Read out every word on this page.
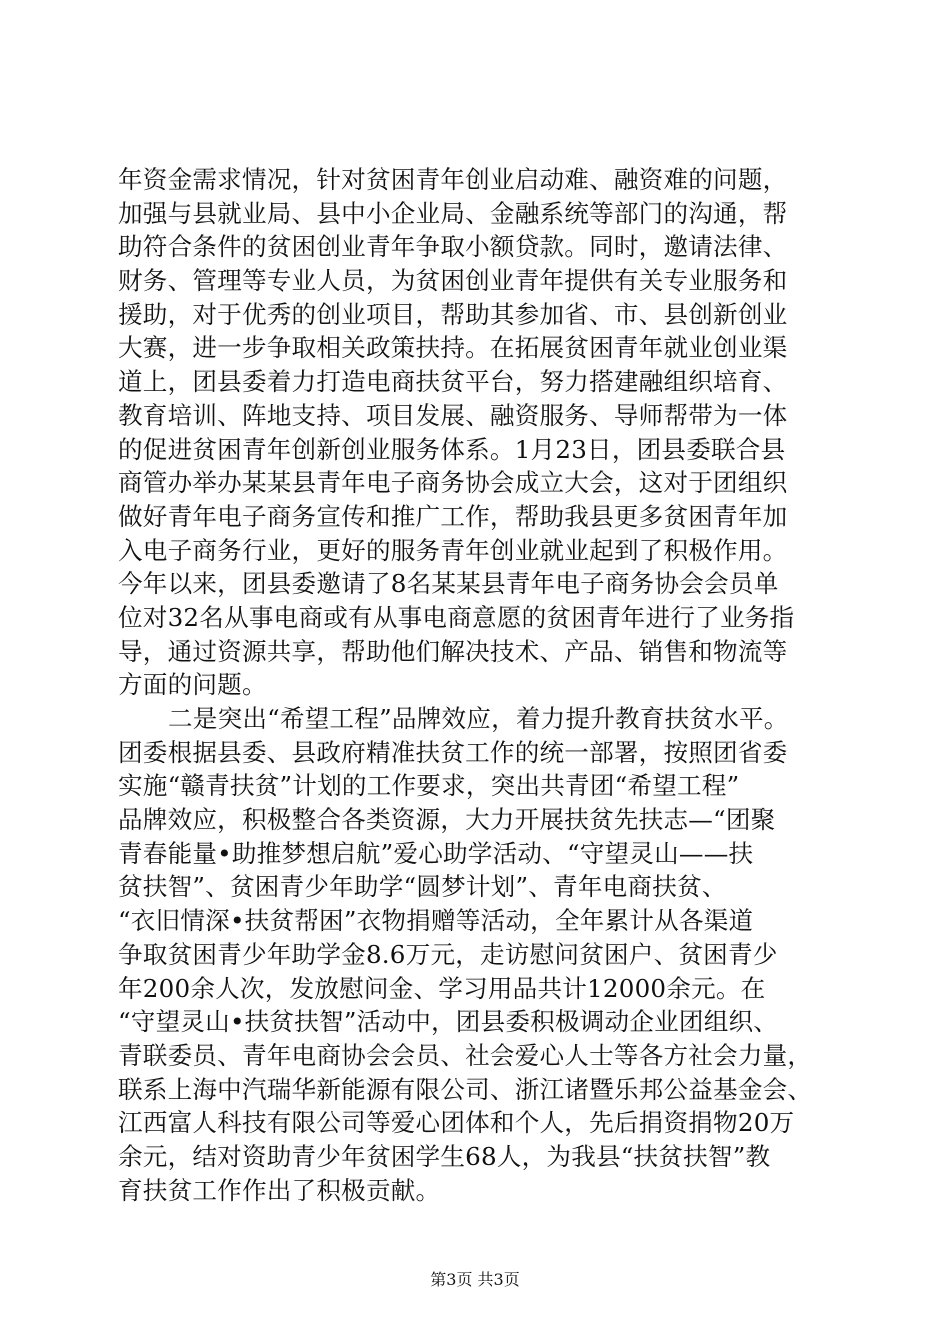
年资金需求情况，针对贫困青年创业启动难、融资难的问题，
加强与县就业局、县中小企业局、金融系统等部门的沟通，帮
助符合条件的贫困创业青年争取小额贷款。同时，邀请法律、
财务、管理等专业人员，为贫困创业青年提供有关专业服务和
援助，对于优秀的创业项目，帮助其参加省、市、县创新创业
大赛，进一步争取相关政策扶持。在拓展贫困青年就业创业渠
道上，团县委着力打造电商扶贫平台，努力搭建融组织培育、
教育培训、阵地支持、项目发展、融资服务、导师帮带为一体
的促进贫困青年创新创业服务体系。1月23日，团县委联合县
商管办举办某某县青年电子商务协会成立大会，这对于团组织
做好青年电子商务宣传和推广工作，帮助我县更多贫困青年加
入电子商务行业，更好的服务青年创业就业起到了积极作用。
今年以来，团县委邀请了8名某某县青年电子商务协会会员单
位对32名从事电商或有从事电商意愿的贫困青年进行了业务指
导，通过资源共享，帮助他们解决技术、产品、销售和物流等
方面的问题。
二是突出“希望工程”品牌效应，着力提升教育扶贫水平。
团委根据县委、县政府精准扶贫工作的统一部署，按照团省委
实施“赣青扶贫”计划的工作要求，突出共青团“希望工程”
品牌效应，积极整合各类资源，大力开展扶贫先扶志—“团聚
青春能量•助推梦想启航”爱心助学活动、“守望灵山——扶
贫扶智”、贫困青少年助学“圆梦计划”、青年电商扶贫、
“衣旧情深•扶贫帮困”衣物捐赠等活动，全年累计从各渠道
争取贫困青少年助学金8.6万元，走访慰问贫困户、贫困青少
年200余人次，发放慰问金、学习用品共计12000余元。在
“守望灵山•扶贫扶智”活动中，团县委积极调动企业团组织、
青联委员、青年电商协会会员、社会爱心人士等各方社会力量，
联系上海中汽瑞华新能源有限公司、浙江诸暨乐邦公益基金会、
江西富人科技有限公司等爱心团体和个人，先后捐资捐物20万
余元，结对资助青少年贫困学生68人，为我县“扶贫扶智”教
育扶贫工作作出了积极贡献。
第3页 共3页
